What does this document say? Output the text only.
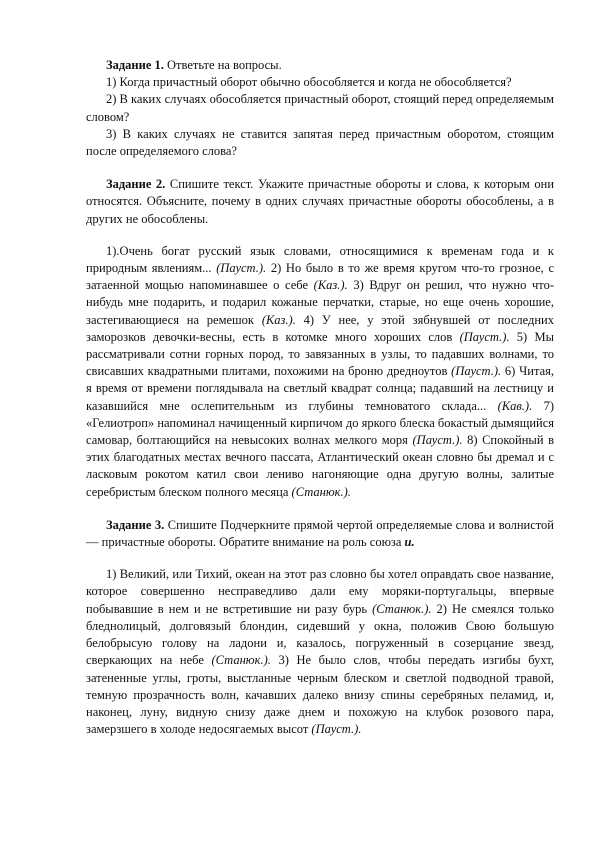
Задание 1. Ответьте на вопросы.

1) Когда причастный оборот обычно обособляется и когда не обособляется?

2) В каких случаях обособляется причастный оборот, стоящий перед определяемым словом?

3) В каких случаях не ставится запятая перед причастным оборотом, стоящим после определяемого слова?

Задание 2. Спишите текст. Укажите причастные обороты и слова, к которым они относятся. Объясните, почему в одних случаях причастные обороты обособлены, а в других не обособлены.

1).Очень богат русский язык словами, относящимися к временам года и к природным явлениям... (Пауст.). 2) Но было в то же время кругом что-то грозное, с затаенной мощью напоминавшее о себе (Каз.). 3) Вдруг он решил, что нужно что-нибудь мне подарить, и подарил кожаные перчатки, старые, но еще очень хорошие, застегивающиеся на ремешок (Каз.). 4) У нее, у этой зябнувшей от последних заморозков девочки-весны, есть в котомке много хороших слов (Пауст.). 5) Мы рассматривали сотни горных пород, то завязанных в узлы, то падавших волнами, то свисавших квадратными плитами, похожими на броню дредноутов (Пауст.). 6) Читая, я время от времени поглядывала на светлый квадрат солнца; падавший на лестницу и казавшийся мне ослепительным из глубины темноватого склада... (Кав.). 7) «Гелиотроп» напоминал начищенный кирпичом до яркого блеска бокастый дымящийся самовар, болтающийся на невысоких волнах мелкого моря (Пауст.). 8) Спокойный в этих благодатных местах вечного пассата, Атлантический океан словно бы дремал и с ласковым рокотом катил свои лениво нагоняющие одна другую волны, залитые серебристым блеском полного месяца (Станюк.).

Задание 3. Спишите Подчеркните прямой чертой определяемые слова и волнистой — причастные обороты. Обратите внимание на роль союза и.

1) Великий, или Тихий, океан на этот раз словно бы хотел оправдать свое название, которое совершенно несправедливо дали ему моряки-португальцы, впервые побывавшие в нем и не встретившие ни разу бурь (Станюк.). 2) Не смеялся только бледнолицый, долговязый блондин, сидевший у окна, положив Свою большую белобрысую голову на ладони и, казалось, погруженный в созерцание звезд, сверкающих на небе (Станюк.). 3) Не было слов, чтобы передать изгибы бухт, затененные углы, гроты, выстланные черным блеском и светлой подводной травой, темную прозрачность волн, качавших далеко внизу спины серебряных пеламид, и, наконец, луну, видную снизу даже днем и похожую на клубок розового пара, замерзшего в холоде недосягаемых высот (Пауст.).
